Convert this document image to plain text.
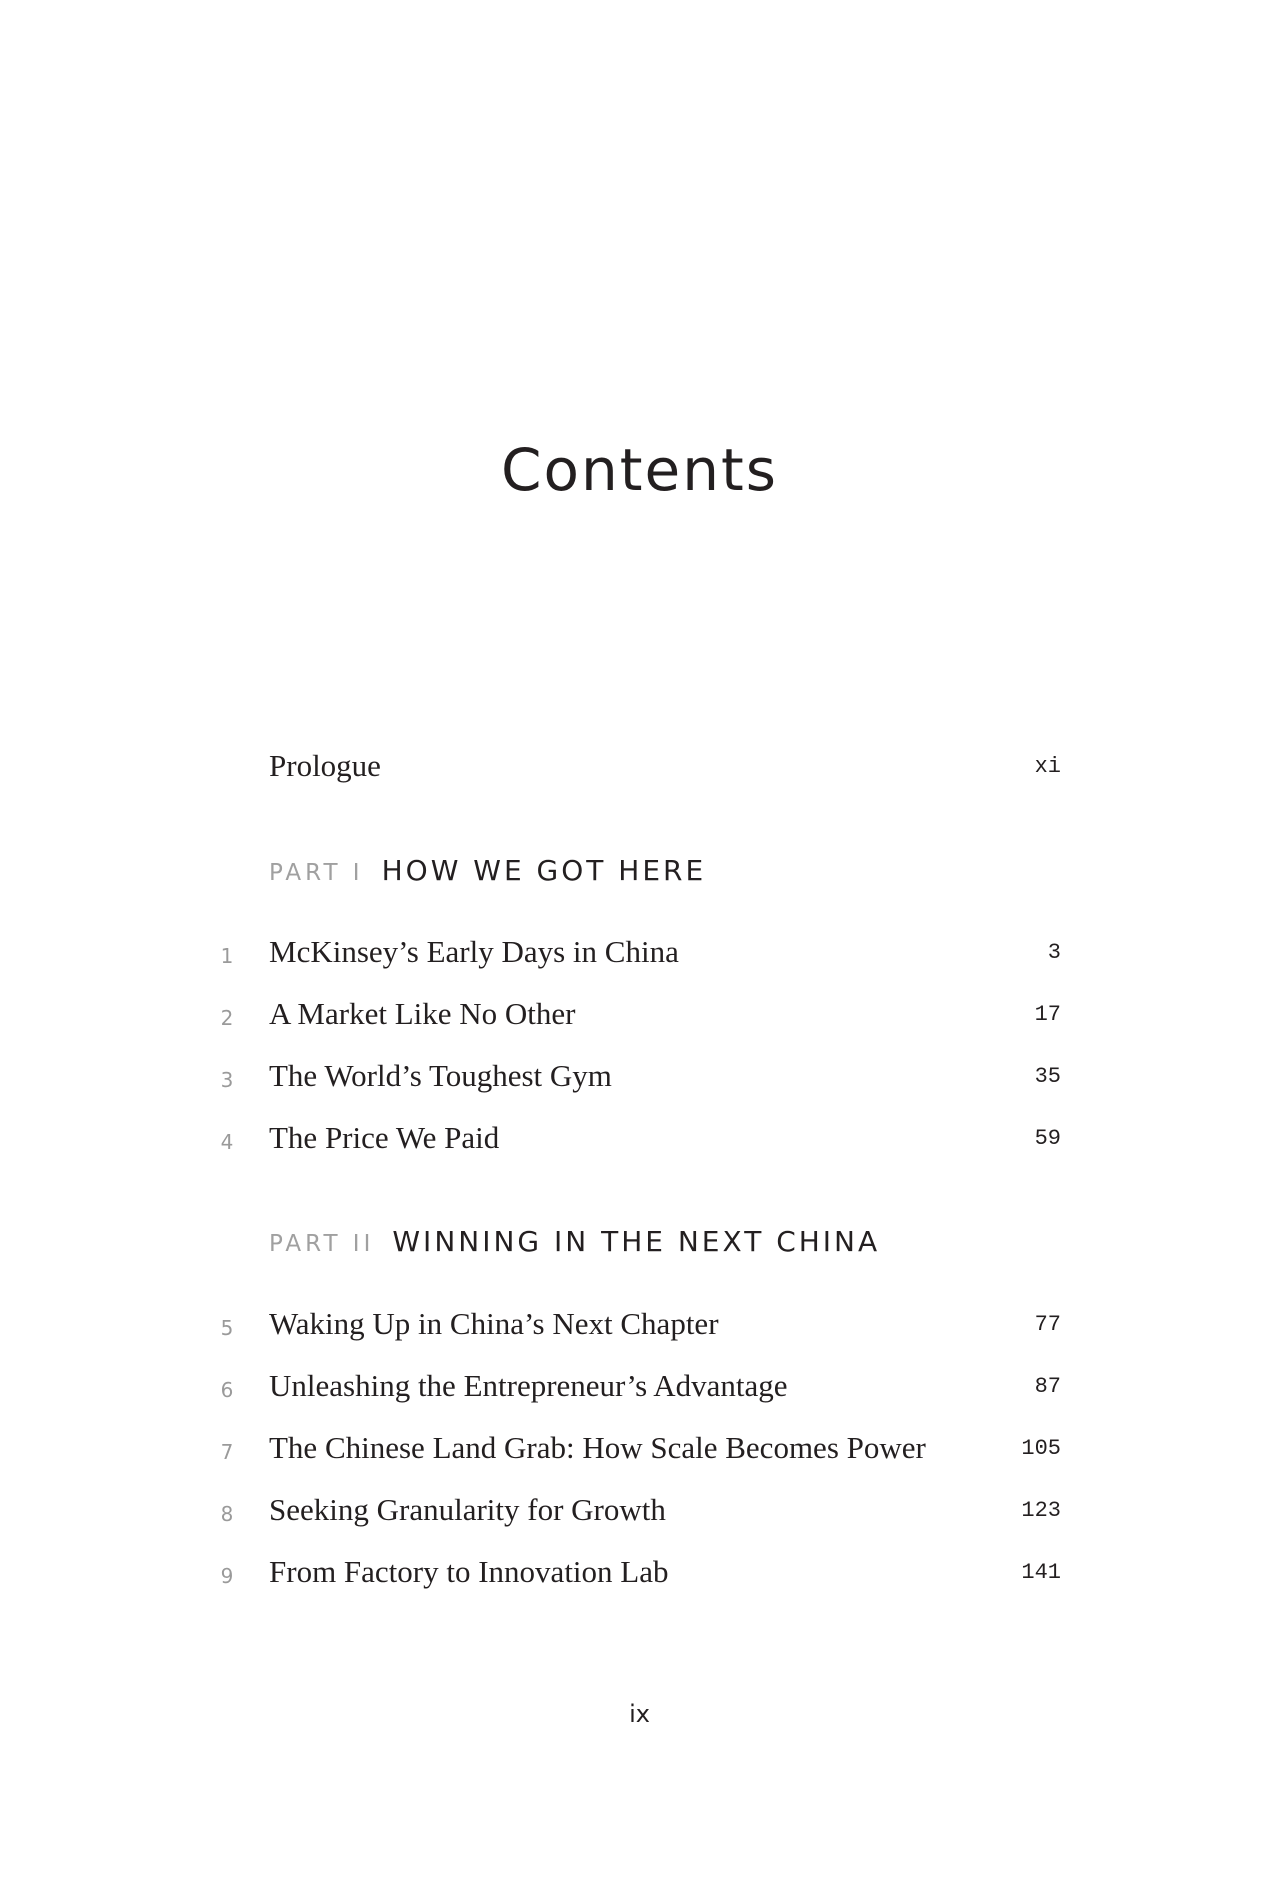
Contents
Prologue	xi
PART I HOW WE GOT HERE
1	McKinsey’s Early Days in China	3
2	A Market Like No Other	17
3	The World’s Toughest Gym	35
4	The Price We Paid	59
PART II WINNING IN THE NEXT CHINA
5	Waking Up in China’s Next Chapter	77
6	Unleashing the Entrepreneur’s Advantage	87
7	The Chinese Land Grab: How Scale Becomes Power	105
8	Seeking Granularity for Growth	123
9	From Factory to Innovation Lab	141
ix
